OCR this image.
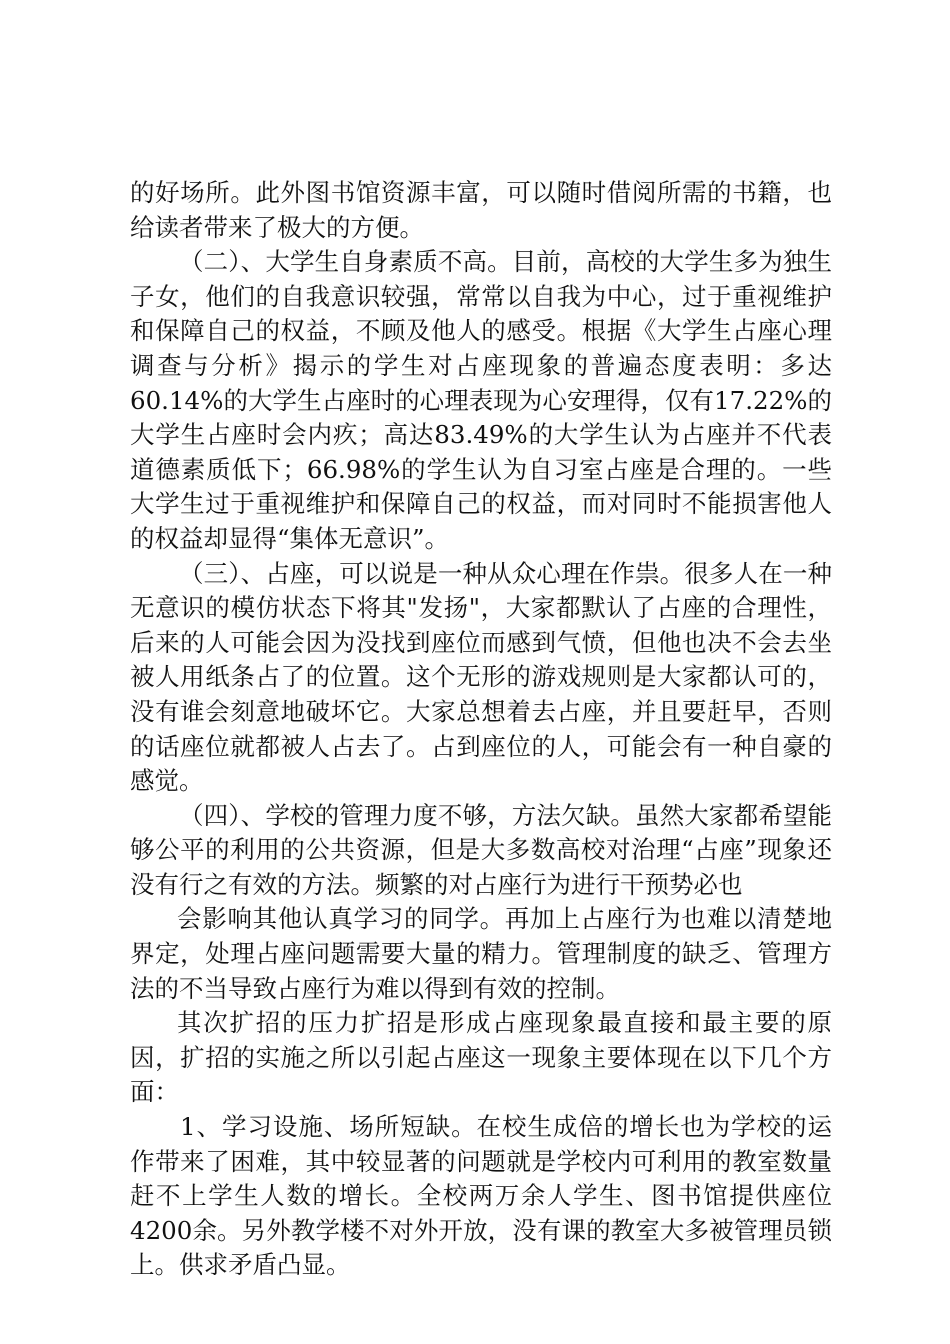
的好场所。此外图书馆资源丰富，可以随时借阅所需的书籍，也给读者带来了极大的方便。

（二）、大学生自身素质不高。目前，高校的大学生多为独生子女，他们的自我意识较强，常常以自我为中心，过于重视维护和保障自己的权益，不顾及他人的感受。根据《大学生占座心理调查与分析》揭示的学生对占座现象的普遍态度表明：多达60.14%的大学生占座时的心理表现为心安理得，仅有17.22%的大学生占座时会内疚；高达83.49%的大学生认为占座并不代表道德素质低下；66.98%的学生认为自习室占座是合理的。一些大学生过于重视维护和保障自己的权益，而对同时不能损害他人的权益却显得“集体无意识”。

（三）、占座，可以说是一种从众心理在作祟。很多人在一种无意识的模仿状态下将其"发扬"，大家都默认了占座的合理性，后来的人可能会因为没找到座位而感到气愤，但他也决不会去坐被人用纸条占了的位置。这个无形的游戏规则是大家都认可的，没有谁会刻意地破坏它。大家总想着去占座，并且要赶早，否则的话座位就都被人占去了。占到座位的人，可能会有一种自豪的感觉。

（四）、学校的管理力度不够，方法欠缺。虽然大家都希望能够公平的利用的公共资源，但是大多数高校对治理“占座”现象还没有行之有效的方法。频繁的对占座行为进行干预势必也

会影响其他认真学习的同学。再加上占座行为也难以清楚地界定，处理占座问题需要大量的精力。管理制度的缺乏、管理方法的不当导致占座行为难以得到有效的控制。

其次扩招的压力扩招是形成占座现象最直接和最主要的原因，扩招的实施之所以引起占座这一现象主要体现在以下几个方面：

1、学习设施、场所短缺。在校生成倍的增长也为学校的运作带来了困难，其中较显著的问题就是学校内可利用的教室数量赶不上学生人数的增长。全校两万余人学生、图书馆提供座位4200余。另外教学楼不对外开放，没有课的教室大多被管理员锁上。供求矛盾凸显。
